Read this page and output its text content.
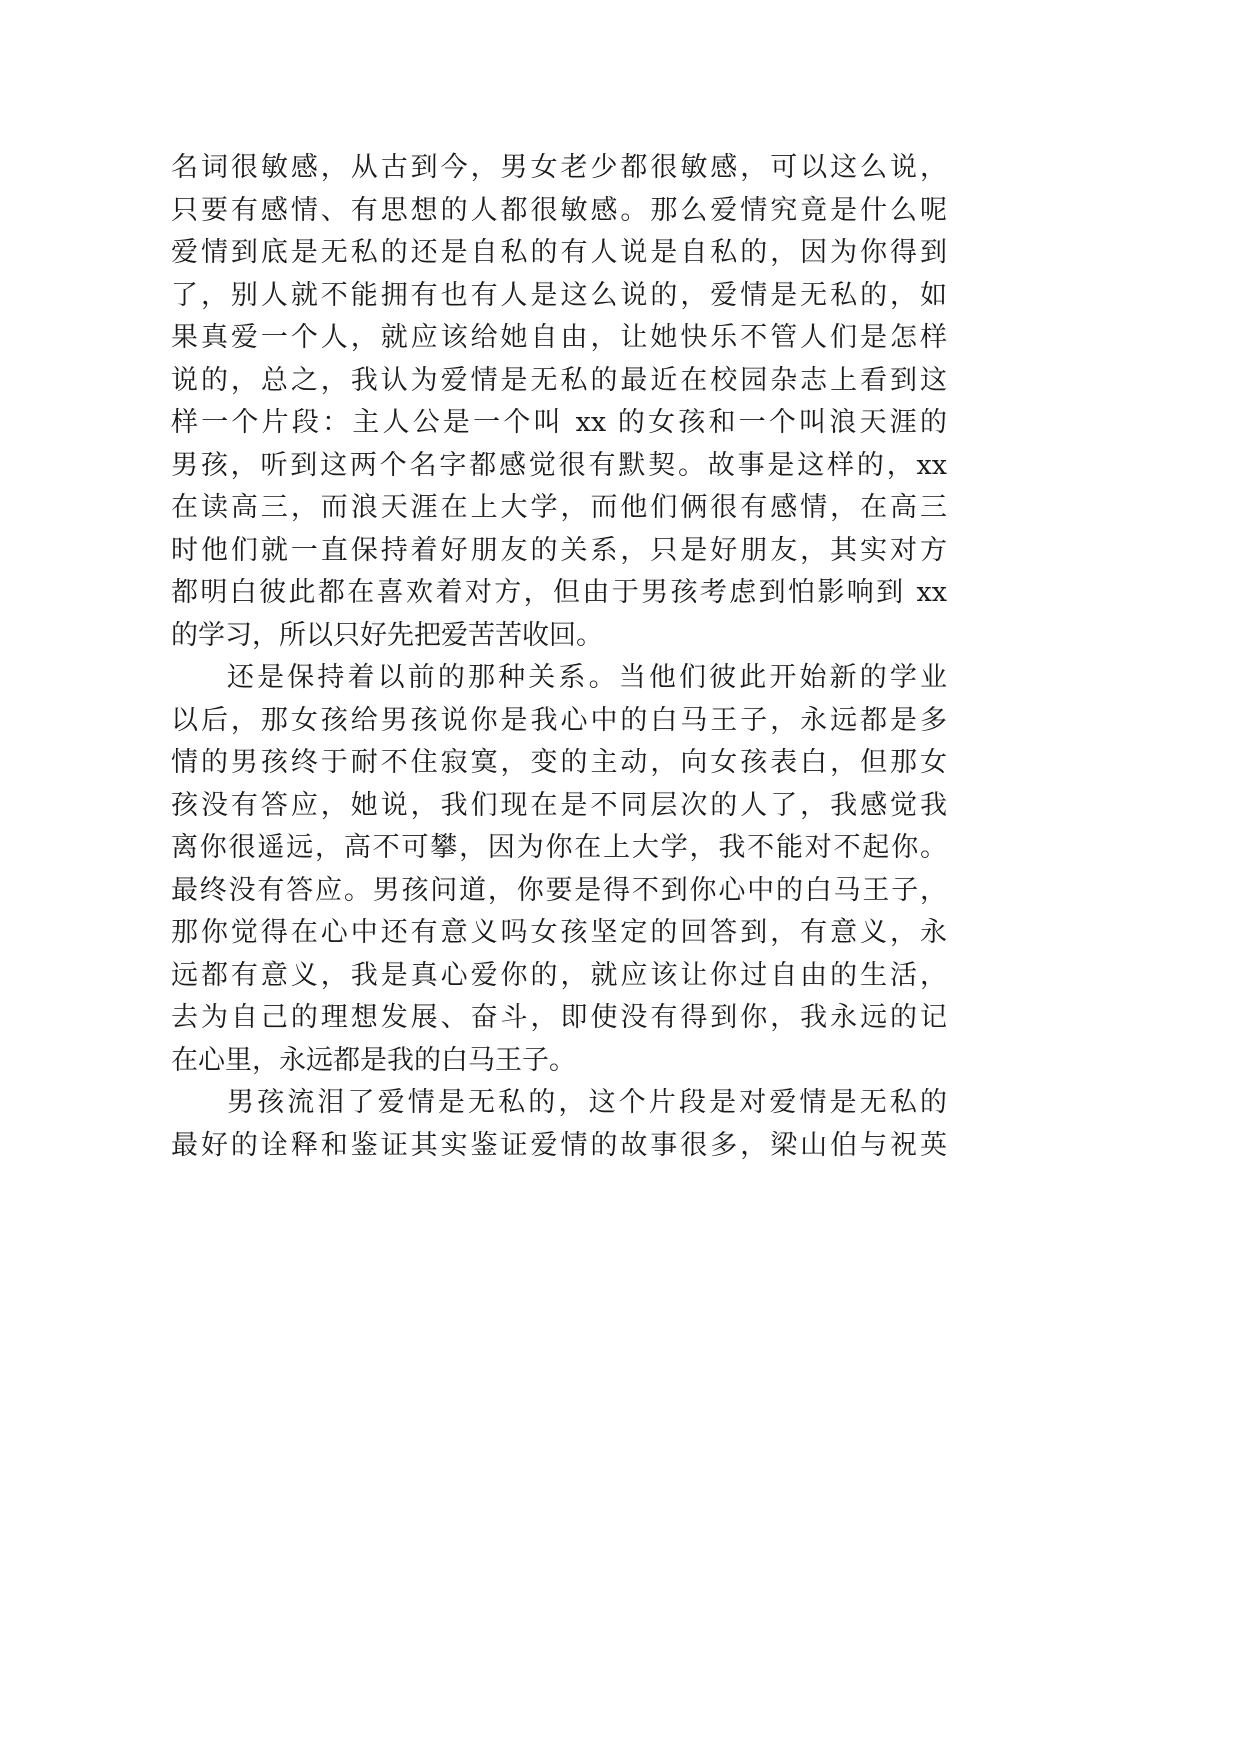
名词很敏感，从古到今，男女老少都很敏感，可以这么说，
只要有感情、有思想的人都很敏感。那么爱情究竟是什么呢
爱情到底是无私的还是自私的有人说是自私的，因为你得到
了，别人就不能拥有也有人是这么说的，爱情是无私的，如
果真爱一个人，就应该给她自由，让她快乐不管人们是怎样
说的，总之，我认为爱情是无私的最近在校园杂志上看到这
样一个片段：主人公是一个叫 xx 的女孩和一个叫浪天涯的
男孩，听到这两个名字都感觉很有默契。故事是这样的，xx
在读高三，而浪天涯在上大学，而他们俩很有感情，在高三
时他们就一直保持着好朋友的关系，只是好朋友，其实对方
都明白彼此都在喜欢着对方，但由于男孩考虑到怕影响到 xx
的学习，所以只好先把爱苦苦收回。
还是保持着以前的那种关系。当他们彼此开始新的学业
以后，那女孩给男孩说你是我心中的白马王子，永远都是多
情的男孩终于耐不住寂寞，变的主动，向女孩表白，但那女
孩没有答应，她说，我们现在是不同层次的人了，我感觉我
离你很遥远，高不可攀，因为你在上大学，我不能对不起你。
最终没有答应。男孩问道，你要是得不到你心中的白马王子，
那你觉得在心中还有意义吗女孩坚定的回答到，有意义，永
远都有意义，我是真心爱你的，就应该让你过自由的生活，
去为自己的理想发展、奋斗，即使没有得到你，我永远的记
在心里，永远都是我的白马王子。
男孩流泪了爱情是无私的，这个片段是对爱情是无私的
最好的诠释和鉴证其实鉴证爱情的故事很多，梁山伯与祝英
